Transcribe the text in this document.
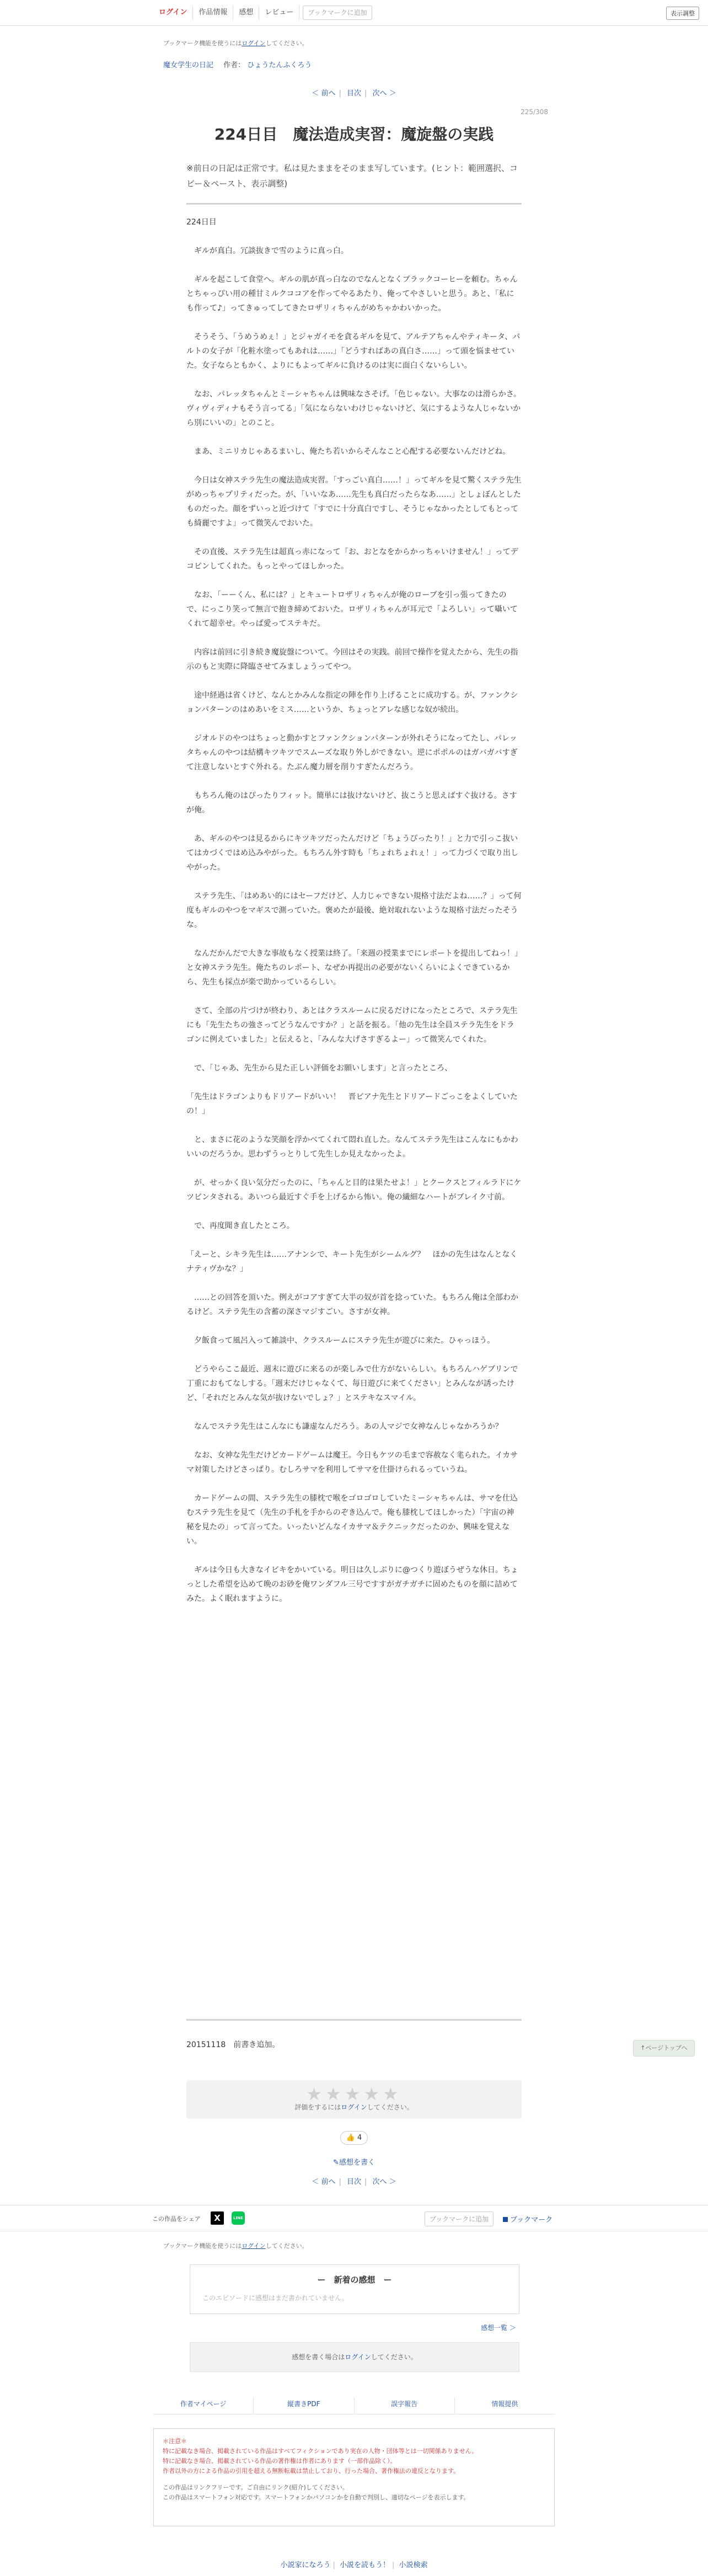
ログイン	作品情報	感想	レビュー	ブックマークに追加	表示調整
ブックマーク機能を使うにはログインしてください。
魔女学生の日記 作者： ひょうたんふくろう
＜ 前へ | 目次 | 次へ ＞
225/308
224日目　魔法造成実習：魔旋盤の実践
※前日の日記は正常です。私は見たままをそのまま写しています。(ヒント：範囲選択、コピー＆ペースト、表示調整)

224日目

　ギルが真白。冗談抜きで雪のように真っ白。

　ギルを起こして食堂へ。ギルの肌が真っ白なのでなんとなくブラックコーヒーを頼む。ちゃんとちゃっぴい用の種甘ミルクココアを作ってやるあたり、俺ってやさしいと思う。あと、「私にも作って♪」ってきゅってしてきたロザリィちゃんがめちゃかわいかった。

　そうそう、「うめうめぇ！」とジャガイモを貪るギルを見て、アルテアちゃんやティキータ、パルトの女子が「化粧水塗ってもあれは……」「どうすればあの真白さ……」って頭を悩ませていた。女子ならともかく、よりにもよってギルに負けるのは実に面白くないらしい。

　なお、パレッタちゃんとミーシャちゃんは興味なさそげ。「色じゃない。大事なのは滑らかさ。ヴィヴィディナもそう言ってる」「気にならないわけじゃないけど、気にするような人じゃないから別にいいの」とのこと。

　まあ、ミニリカじゃあるまいし、俺たち若いからそんなこと心配する必要ないんだけどね。

　今日は女神ステラ先生の魔法造成実習。「すっごい真白……！」ってギルを見て驚くステラ先生がめっちゃプリティだった。が、「いいなあ……先生も真白だったらなあ……」としょぼんとしたものだった。顔をずいっと近づけて「すでに十分真白ですし、そうじゃなかったとしてもとっても綺麗ですよ」って微笑んでおいた。

　その直後、ステラ先生は超真っ赤になって「お、おとなをからかっちゃいけません！」ってデコピンしてくれた。もっとやってほしかった。

　なお、「ーーくん、私には？」とキュートロザリィちゃんが俺のローブを引っ張ってきたので、にっこり笑って無言で抱き締めておいた。ロザリィちゃんが耳元で「よろしい」って囁いてくれて超幸せ。やっぱ愛ってステキだ。

　内容は前回に引き続き魔旋盤について。今回はその実践。前回で操作を覚えたから、先生の指示のもと実際に降臨させてみましょうってやつ。

　途中経過は省くけど、なんとかみんな指定の陣を作り上げることに成功する。が、ファンクションパターンのはめあいをミス……というか、ちょっとアレな感じな奴が続出。

　ジオルドのやつはちょっと動かすとファンクションパターンが外れそうになってたし、パレッタちゃんのやつは結構キツキツでスムーズな取り外しができない。逆にポポルのはガバガバすぎて注意しないとすぐ外れる。たぶん魔力層を削りすぎたんだろう。

　もちろん俺のはぴったりフィット。簡単には抜けないけど、抜こうと思えばすぐ抜ける。さすが俺。

　あ、ギルのやつは見るからにキツキツだったんだけど「ちょうぴったり！」と力で引っこ抜いてはカづくではめ込みやがった。もちろん外す時も「ちょれちょれぇ！」って力づくで取り出しやがった。

　ステラ先生、「はめあい的にはセーフだけど、人力じゃできない規格寸法だよね……？」って何度もギルのやつをマギスで測っていた。褒めたが最後、絶対取れないような規格寸法だったそうな。

　なんだかんだで大きな事故もなく授業は終了。「来週の授業までにレポートを提出してねっ！」と女神ステラ先生。俺たちのレポート、なぜか再提出の必要がないくらいによくできているから、先生も採点が楽で助かっているらしい。

　さて、全部の片づけが終わり、あとはクラスルームに戻るだけになったところで、ステラ先生にも「先生たちの強さってどうなんですか？」と話を振る。「他の先生は全員ステラ先生をドラゴンに例えていました」と伝えると、「みんな大げさすぎるよー」って微笑んでくれた。

　で、「じゃあ、先生から見た正しい評価をお願いします」と言ったところ、

「先生はドラゴンよりもドリアードがいい！　晋ピアナ先生とドリアードごっこをよくしていたの！」

　と、まさに花のような笑顔を浮かべてくれて悶れ直した。なんてステラ先生はこんなにもかわいいのだろうか。思わずうっとりして先生しか見えなかったよ。

　が、せっかく良い気分だったのに、「ちゃんと目的は果たせよ！」とクークスとフィルラドにケツビンタされる。あいつら最近すぐ手を上げるから怖い。俺の繊細なハートがブレイク寸前。

　で、再度聞き直したところ。

「えーと、シキラ先生は……アナンシで、キート先生がシームルグ？　ほかの先生はなんとなくナティヴかな？」

　……との回答を頂いた。例えがコアすぎて大半の奴が首を捻っていた。もちろん俺は全部わかるけど。ステラ先生の含蓄の深さマジすごい。さすが女神。

　夕飯食って風呂入って雑談中、クラスルームにステラ先生が遊びに来た。ひゃっほう。

　どうやらここ最近、週末に遊びに来るのが楽しみで仕方がないらしい。もちろんハゲブリンで丁重におもてなしする。「週末だけじゃなくて、毎日遊びに来てください」とみんなが誘ったけど、「それだとみんな気が抜けないでしょ？」とステキなスマイル。

　なんでステラ先生はこんなにも謙虚なんだろう。あの人マジで女神なんじゃなかろうか？

　なお、女神な先生だけどカードゲームは魔王。今日もケツの毛まで容赦なく毟られた。イカサマ対策したけどさっぱり。むしろサマを利用してサマを仕掛けられるっていうね。

　カードゲームの間、ステラ先生の膝枕で喉をゴロゴロしていたミーシャちゃんは、サマを仕込むステラ先生を見て（先生の手札を手からのぞき込んで。俺も膝枕してほしかった）「宇宙の神秘を見たの」って言ってた。いったいどんなイカサマ＆テクニックだったのか、興味を覚えない。

　ギルは今日も大きなイビキをかいている。明日は久しぶりに@つくり遊ぼうぜうな休日。ちょっとした希望を込めて晩のお砂を俺ワンダフル三号ですすがガチガチに固めたものを顔に詰めてみた。よく眠れますように。

20151118　前書き追加。	↑ページトップへ
★★★★★
評価をするにはログインしてください。
👍 4
✎感想を書く
＜ 前へ | 目次 | 次へ ＞
この作品をシェア	X	LINE	ブックマークに追加	ブックマーク
ブックマーク機能を使うにはログインしてください。
ー　新着の感想　ー
このエピソードに感想はまだ書かれていません。
感想一覧 ＞
感想を書く場合はログインしてください。
作者マイページ	縦書きPDF	誤字報告	情報提供
＊注意＊
特に記載なき場合、掲載されている作品はすべてフィクションであり実在の人物・団体等とは一切関係ありません。
特に記載なき場合、掲載されている作品の著作権は作者にあります（一部作品除く）。
作者以外の方による作品の引用を超える無断転載は禁止しており、行った場合、著作権法の違反となります。
この作品はリンクフリーです。ご自由にリンク(紹介)してください。
この作品はスマートフォン対応です。スマートフォンかパソコンかを自動で判別し、適切なページを表示します。
小説家になろう | 小説を読もう！ | 小説検索
